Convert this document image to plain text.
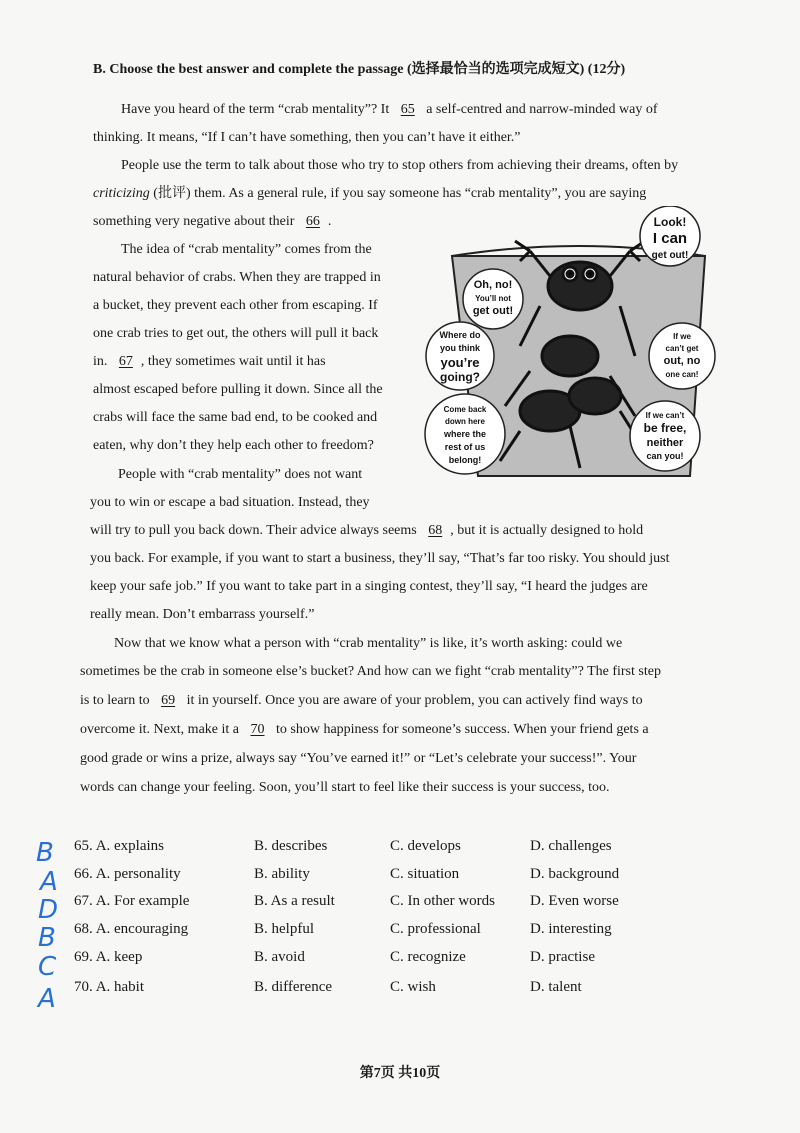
B. Choose the best answer and complete the passage (选择最恰当的选项完成短文) (12分)
Have you heard of the term “crab mentality”? It 65 a self-centred and narrow-minded way of
thinking. It means, “If I can’t have something, then you can’t have it either.”
People use the term to talk about those who try to stop others from achieving their dreams, often by
criticizing (批评) them. As a general rule, if you say someone has “crab mentality”, you are saying
something very negative about their 66 .
The idea of “crab mentality” comes from the
natural behavior of crabs. When they are trapped in
a bucket, they prevent each other from escaping. If
one crab tries to get out, the others will pull it back
in. 67 , they sometimes wait until it has
almost escaped before pulling it down. Since all the
crabs will face the same bad end, to be cooked and
eaten, why don’t they help each other to freedom?
People with “crab mentality” does not want
you to win or escape a bad situation. Instead, they
will try to pull you back down. Their advice always seems 68 , but it is actually designed to hold
you back. For example, if you want to start a business, they’ll say, “That’s far too risky. You should just
keep your safe job.” If you want to take part in a singing contest, they’ll say, “I heard the judges are
really mean. Don’t embarrass yourself.”
Now that we know what a person with “crab mentality” is like, it’s worth asking: could we
sometimes be the crab in someone else’s bucket? And how can we fight “crab mentality”? The first step
is to learn to 69 it in yourself. Once you are aware of your problem, you can actively find ways to
overcome it. Next, make it a 70 to show happiness for someone’s success. When your friend gets a
good grade or wins a prize, always say “You’ve earned it!” or “Let’s celebrate your success!”. Your
words can change your feeling. Soon, you’ll start to feel like their success is your success, too.
Look!
I can
get out!
Oh, no!
You’ll not
get out!
Where do
you think
you’re
going?
If we
can’t get
out, no
one can!
Come back
down here
where the
rest of us
belong!
If we can’t
be free,
neither
can you!
B
A
D
B
C
A
65. A. explains	B. describes	C. develops	D. challenges
66. A. personality	B. ability	C. situation	D. background
67. A. For example	B. As a result	C. In other words D. Even worse
68. A. encouraging	B. helpful	C. professional	D. interesting
69. A. keep	B. avoid	C. recognize	D. practise
70. A. habit	B. difference	C. wish	D. talent
第7页 共10页
